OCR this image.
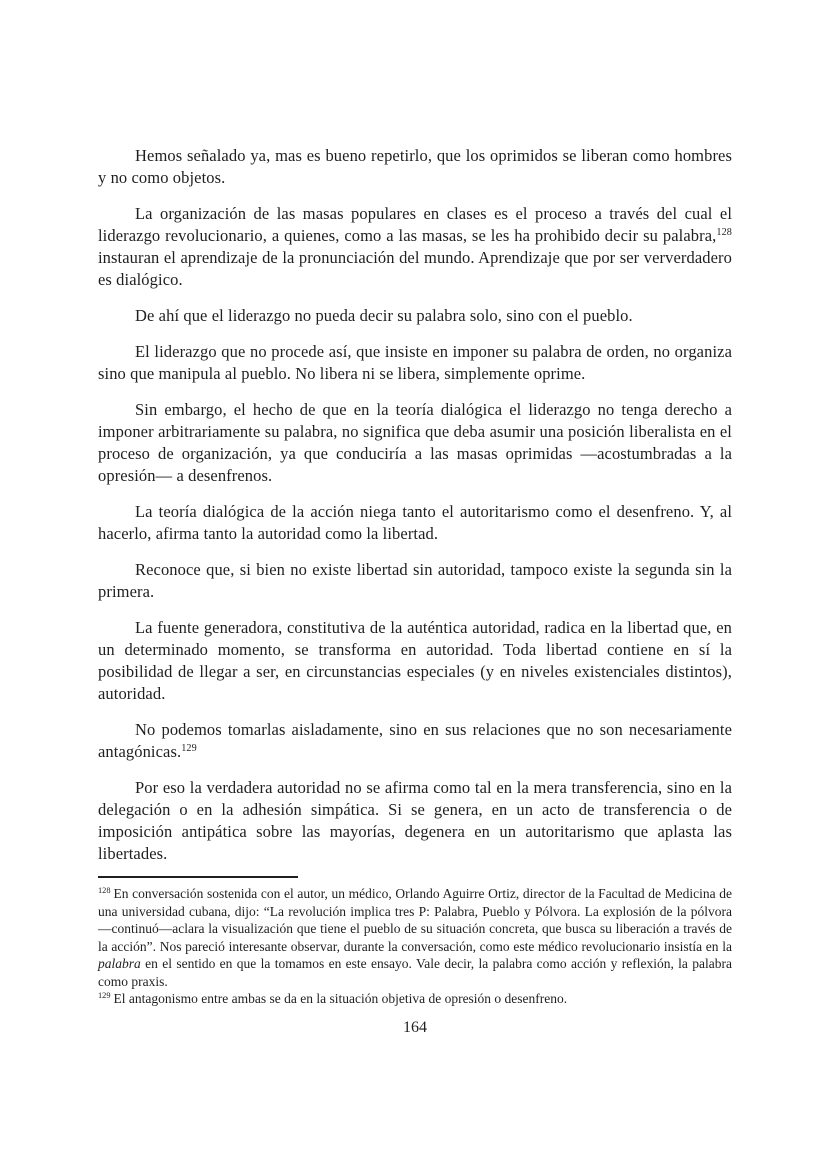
Hemos señalado ya, mas es bueno repetirlo, que los oprimidos se liberan como hombres y no como objetos.

La organización de las masas populares en clases es el proceso a través del cual el liderazgo revolucionario, a quienes, como a las masas, se les ha prohibido decir su palabra,$^{128}$ instauran el aprendizaje de la pronunciación del mundo. Aprendizaje que por ser ververdadero es dialógico.

De ahí que el liderazgo no pueda decir su palabra solo, sino con el pueblo.

El liderazgo que no procede así, que insiste en imponer su palabra de orden, no organiza sino que manipula al pueblo. No libera ni se libera, simplemente oprime.

Sin embargo, el hecho de que en la teoría dialógica el liderazgo no tenga derecho a imponer arbitrariamente su palabra, no significa que deba asumir una posición liberalista en el proceso de organización, ya que conduciría a las masas oprimidas —acostumbradas a la opresión— a desenfrenos.

La teoría dialógica de la acción niega tanto el autoritarismo como el desenfreno. Y, al hacerlo, afirma tanto la autoridad como la libertad.

Reconoce que, si bien no existe libertad sin autoridad, tampoco existe la segunda sin la primera.

La fuente generadora, constitutiva de la auténtica autoridad, radica en la libertad que, en un determinado momento, se transforma en autoridad. Toda libertad contiene en sí la posibilidad de llegar a ser, en circunstancias especiales (y en niveles existenciales distintos), autoridad.

No podemos tomarlas aisladamente, sino en sus relaciones que no son necesariamente antagónicas.$^{129}$

Por eso la verdadera autoridad no se afirma como tal en la mera transferencia, sino en la delegación o en la adhesión simpática. Si se genera, en un acto de transferencia o de imposición antipática sobre las mayorías, degenera en un autoritarismo que aplasta las libertades.

$^{128}$ En conversación sostenida con el autor, un médico, Orlando Aguirre Ortiz, director de la Facultad de Medicina de una universidad cubana, dijo: “La revolución implica tres P: Palabra, Pueblo y Pólvora. La explosión de la pólvora —continuó—aclara la visualización que tiene el pueblo de su situación concreta, que busca su liberación a través de la acción”. Nos pareció interesante observar, durante la conversación, como este médico revolucionario insistía en la palabra en el sentido en que la tomamos en este ensayo. Vale decir, la palabra como acción y reflexión, la palabra como praxis.

$^{129}$ El antagonismo entre ambas se da en la situación objetiva de opresión o desenfreno.

164
